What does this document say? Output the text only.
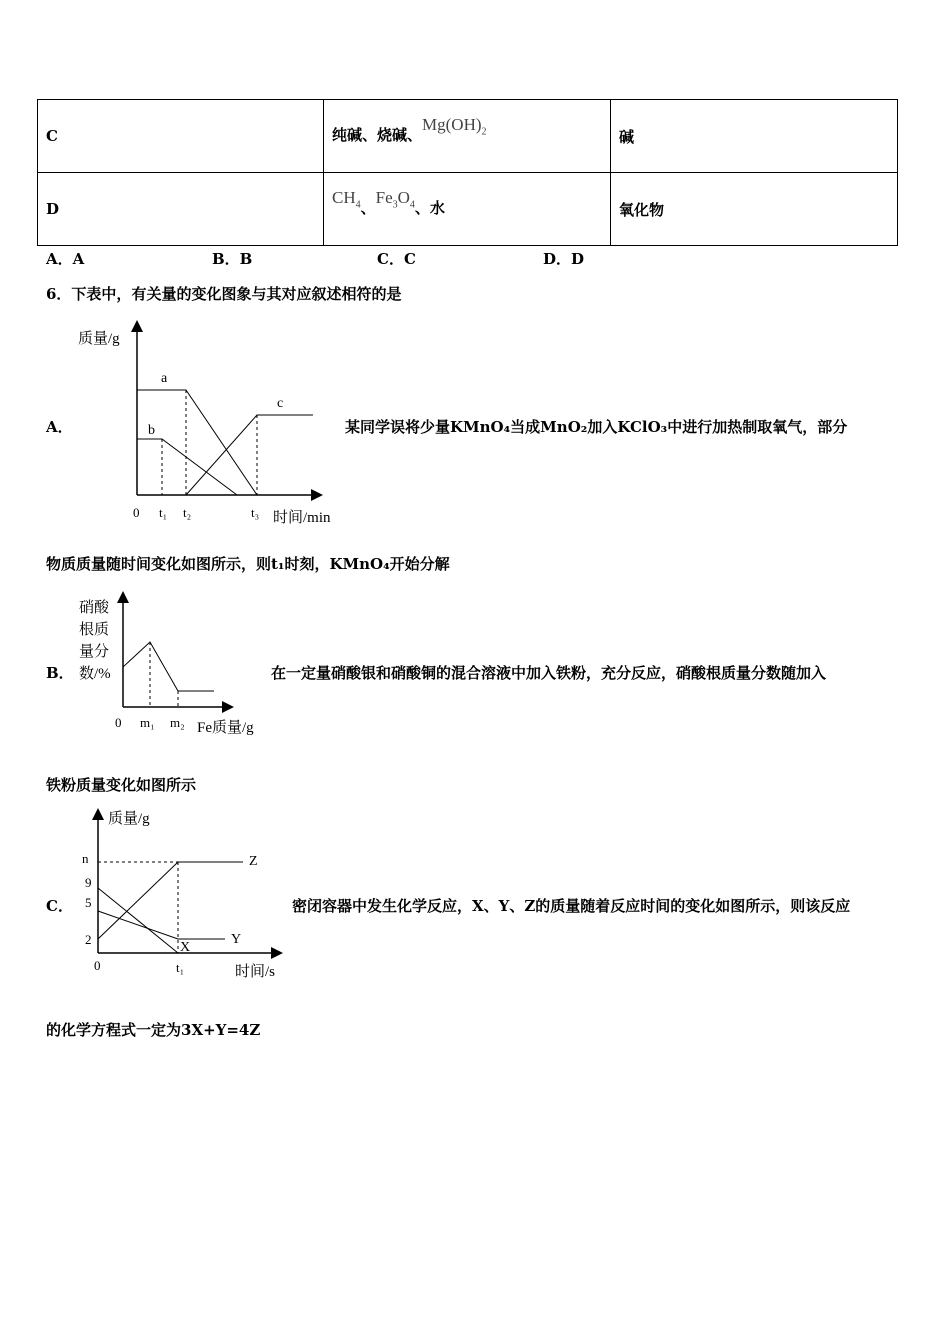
C	纯碱、烧碱、$Mg(OH)_2$	碱
D	$CH_4$、$Fe_3O_4$、水	氧化物
A．A	B．B	C．C	D．D
6．下表中，有关量的变化图象与其对应叙述相符的是
A．
质量/g
时间/min
0 t₁ t₂	t₃
a
b
c
某同学误将少量KMnO₄当成MnO₂加入KClO₃中进行加热制取氧气，部分
物质质量随时间变化如图所示，则t₁时刻，KMnO₄开始分解
B．
硝酸
根质
量分
数/%
0 m₁ m₂ Fe质量/g
在一定量硝酸银和硝酸铜的混合溶液中加入铁粉，充分反应，硝酸根质量分数随加入
铁粉质量变化如图所示
C．
质量/g
时间/s
n
9
5
2
0	t₁
Z
Y
X
密闭容器中发生化学反应，X、Y、Z的质量随着反应时间的变化如图所示，则该反应
的化学方程式一定为3X+Y=4Z
